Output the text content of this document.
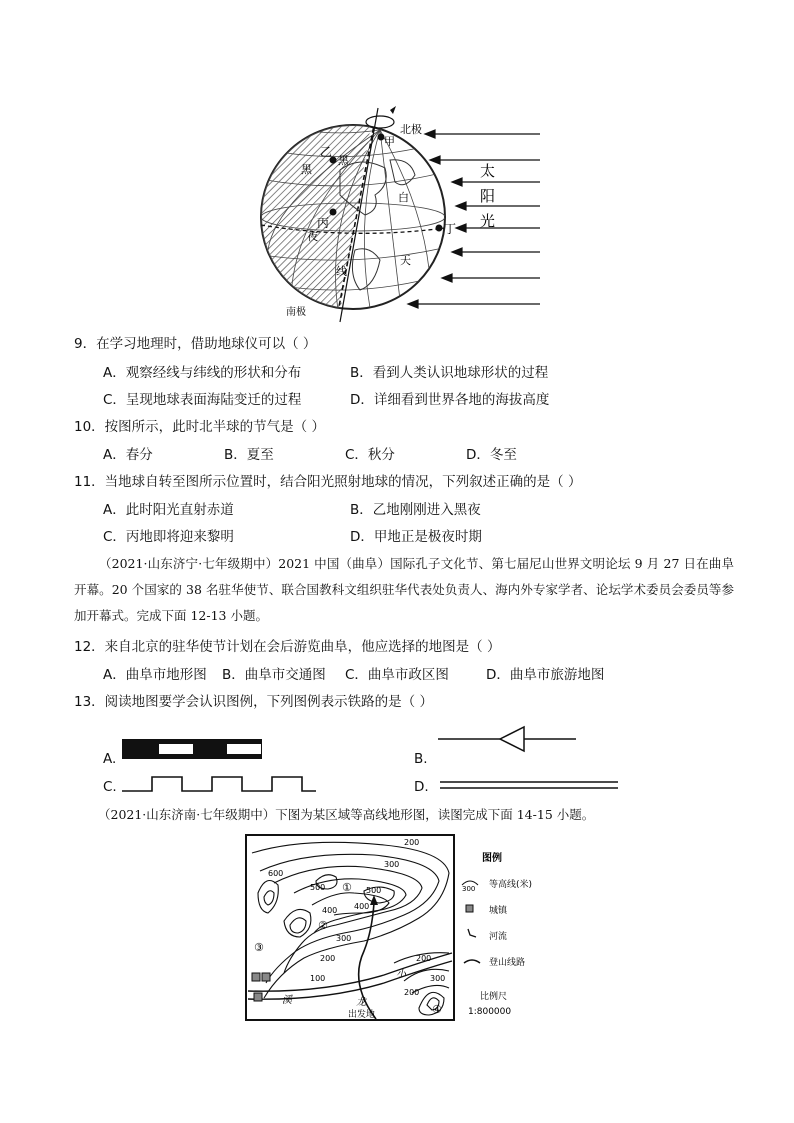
北极
甲
乙
黑
黑
丙
夜
白
丁
天
线
南极
太
阳
光
9．在学习地理时，借助地球仪可以（ ）
A．观察经线与纬线的形状和分布	B．看到人类认识地球形状的过程
C．呈现地球表面海陆变迁的过程	D．详细看到世界各地的海拔高度
10．按图所示，此时北半球的节气是（ ）
A．春分	B．夏至	C．秋分	D．冬至
11．当地球自转至图所示位置时，结合阳光照射地球的情况，下列叙述正确的是（ ）
A．此时阳光直射赤道	B．乙地刚刚进入黑夜
C．丙地即将迎来黎明	D．甲地正是极夜时期
（2021·山东济宁·七年级期中）2021 中国（曲阜）国际孔子文化节、第七届尼山世界文明论坛 9 月 27 日在曲阜开幕。20 个国家的 38 名驻华使节、联合国教科文组织驻华代表处负责人、海内外专家学者、论坛学术委员会委员等参加开幕式。完成下面 12-13 小题。
12．来自北京的驻华使节计划在会后游览曲阜，他应选择的地图是（ ）
A．曲阜市地形图 B．曲阜市交通图 C．曲阜市政区图	D．曲阜市旅游地图
13．阅读地图要学会认识图例，下列图例表示铁路的是（ ）
A.	B.
C.	D.
（2021·山东济南·七年级期中）下图为某区域等高线地形图，读图完成下面 14-15 小题。
200
300
500
400
500
400
300
200
100
200
300
200
600
①
②
③
④
溪	龙
小
出发地
图例
300 等高线(米)
城镇
河流
登山线路
比例尺
1:800000
